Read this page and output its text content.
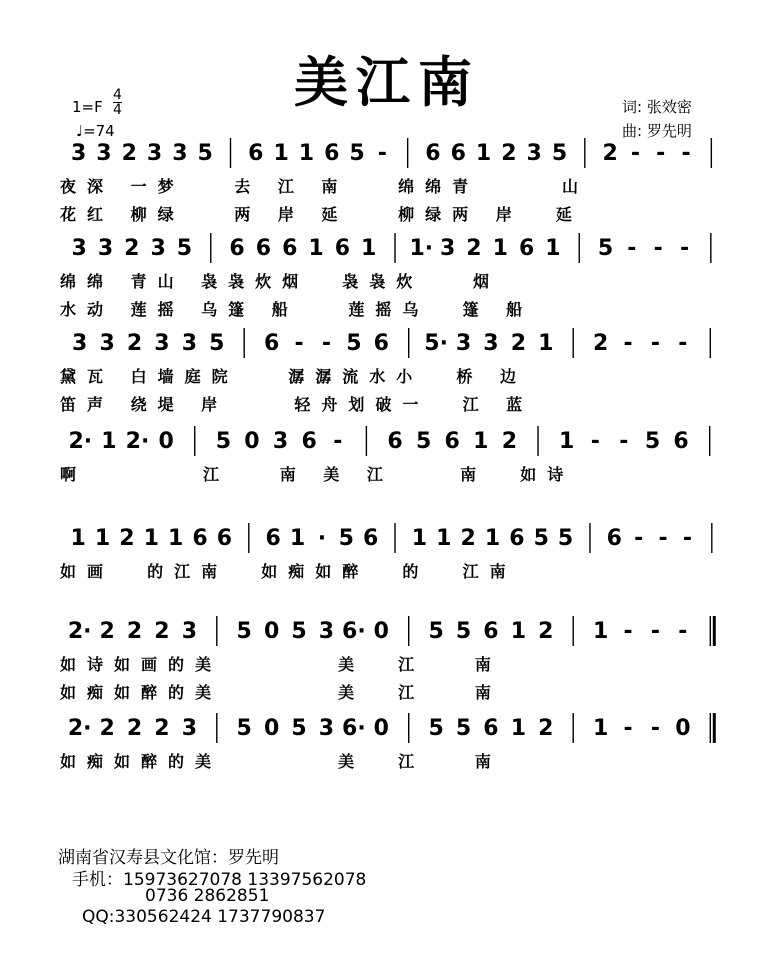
美江南
1=F
4
4
♩=74
词: 张效密
曲: 罗先明
3 3 2 3 3 5 6 1 1 6 5 - 6 6 1 2 3 5 2 - - -
3 3 2 3 5 6 6 6 1 6 1 1· 3 2 1 6 1 5 - - -
3 3 2 3 3 5 6 - - 5 6 5· 3 3 2 1 2 - - -
2· 1 2· 0 5 0 3 6 - 6 5 6 1 2 1 - - 5 6
1 1 2 1 1 6 6 6 1 · 5 6 1 1 2 1 6 5 5 6 - - -
2· 2 2 2 3 5 0 5 3 6· 0 5 5 6 1 2 1 - - -
2· 2 2 2 3 5 0 5 3 6· 0 5 5 6 1 2 1 - - 0
夜深 一梦   去 江 南   绵绵青     山
花红 柳绿   两 岸 延   柳绿两 岸  延
绵绵 青山 袅袅炊烟  袅袅炊   烟
水动 莲摇 乌篷 船   莲摇乌  篷 船
黛瓦 白墙庭院   潺潺流水小  桥 边
笛声 绕堤 岸    轻舟划破一  江 蓝
啊       江   南 美 江    南  如诗
如画  的江南  如痴如醉  的  江南
如诗如画的美       美  江   南
如痴如醉的美       美  江   南
如痴如醉的美       美  江   南
湖南省汉寿县文化馆：罗先明
手机：15973627078 13397562078
0736 2862851
QQ:330562424 1737790837
